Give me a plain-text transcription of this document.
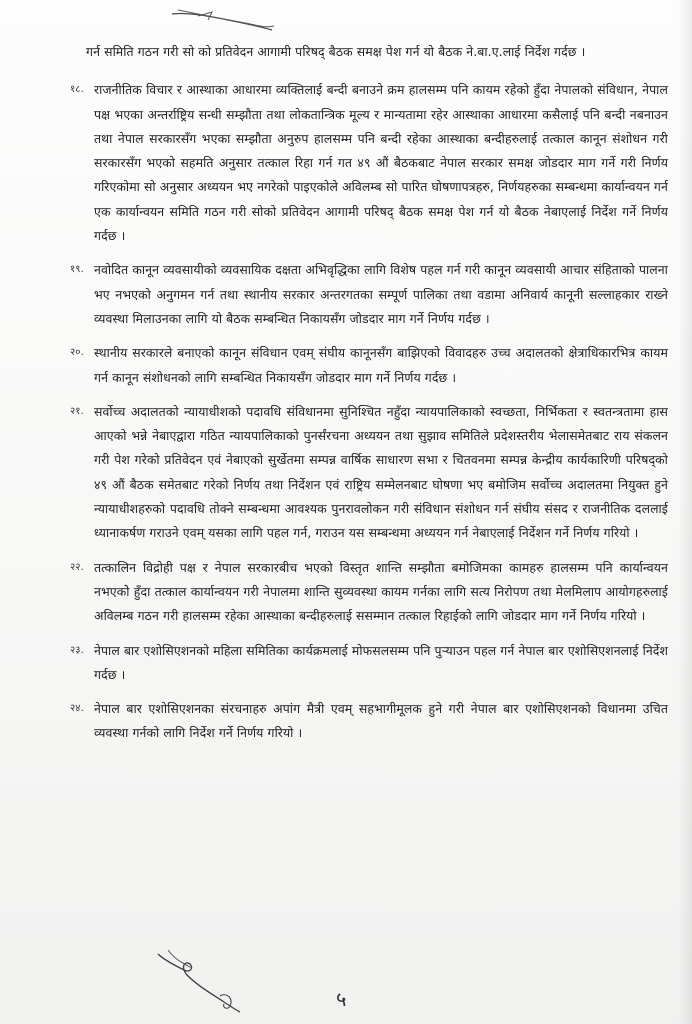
गर्न समिति गठन गरी सो को प्रतिवेदन आगामी परिषद् बैठक समक्ष पेश गर्न यो बैठक ने.बा.ए.लाई निर्देश गर्दछ ।

१८. राजनीतिक विचार र आस्थाका आधारमा व्यक्तिलाई बन्दी बनाउने क्रम हालसम्म पनि कायम रहेको हुँदा नेपालको संविधान, नेपाल पक्ष भएका अन्तर्राष्ट्रिय सन्धी सम्झौता तथा लोकतान्त्रिक मूल्य र मान्यतामा रहेर आस्थाका आधारमा कसैलाई पनि बन्दी नबनाउन तथा नेपाल सरकारसँग भएका सम्झौता अनुरुप हालसम्म पनि बन्दी रहेका आस्थाका बन्दीहरुलाई तत्काल कानून संशोधन गरी सरकारसँग भएको सहमति अनुसार तत्काल रिहा गर्न गत ४९ औं बैठकबाट नेपाल सरकार समक्ष जोडदार माग गर्ने गरी निर्णय गरिएकोमा सो अनुसार अध्ययन भए नगरेको पाइएकोले अविलम्ब सो पारित घोषणापत्रहरु, निर्णयहरुका सम्बन्धमा कार्यान्वयन गर्न एक कार्यान्वयन समिति गठन गरी सोको प्रतिवेदन आगामी परिषद् बैठक समक्ष पेश गर्न यो बैठक नेबाएलाई निर्देश गर्ने निर्णय गर्दछ ।
१९. नवोदित कानून व्यवसायीको व्यवसायिक दक्षता अभिवृद्धिका लागि विशेष पहल गर्न गरी कानून व्यवसायी आचार संहिताको पालना भए नभएको अनुगमन गर्न तथा स्थानीय सरकार अन्तरगतका सम्पूर्ण पालिका तथा वडामा अनिवार्य कानूनी सल्लाहकार राख्ने व्यवस्था मिलाउनका लागि यो बैठक सम्बन्धित निकायसँग जोडदार माग गर्ने निर्णय गर्दछ ।
२०. स्थानीय सरकारले बनाएको कानून संविधान एवम् संघीय कानूनसँग बाझिएको विवादहरु उच्च अदालतको क्षेत्राधिकारभित्र कायम गर्न कानून संशोधनको लागि सम्बन्धित निकायसँग जोडदार माग गर्ने निर्णय गर्दछ ।
२१. सर्वोच्च अदालतको न्यायाधीशको पदावधि संविधानमा सुनिश्चित नहुँदा न्यायपालिकाको स्वच्छता, निर्भिकता र स्वतन्त्रतामा हास आएको भन्ने नेबाएद्वारा गठित न्यायपालिकाको पुनर्संरचना अध्ययन तथा सुझाव समितिले प्रदेशस्तरीय भेलासमेतबाट राय संकलन गरी पेश गरेको प्रतिवेदन एवं नेबाएको सुर्खेतमा सम्पन्न वार्षिक साधारण सभा र चितवनमा सम्पन्न केन्द्रीय कार्यकारिणी परिषद्को ४९ औं बैठक समेतबाट गरेको निर्णय तथा निर्देशन एवं राष्ट्रिय सम्मेलनबाट घोषणा भए बमोजिम सर्वोच्च अदालतमा नियुक्त हुने न्यायाधीशहरुको पदावधि तोक्ने सम्बन्धमा आवश्यक पुनरावलोकन गरी संविधान संशोधन गर्न संघीय संसद र राजनीतिक दललाई ध्यानाकर्षण गराउने एवम् यसका लागि पहल गर्न, गराउन यस सम्बन्धमा अध्ययन गर्न नेबाएलाई निर्देशन गर्ने निर्णय गरियो ।
२२. तत्कालिन विद्रोही पक्ष र नेपाल सरकारबीच भएको विस्तृत शान्ति सम्झौता बमोजिमका कामहरु हालसम्म पनि कार्यान्वयन नभएकोे हुँदा तत्काल कार्यान्वयन गरी नेपालमा शान्ति सुव्यवस्था कायम गर्नका लागि सत्य निरोपण तथा मेलमिलाप आयोगहरुलाई अविलम्ब गठन गरी हालसम्म रहेका आस्थाका बन्दीहरुलाई ससम्मान तत्काल रिहाईको लागि जोडदार माग गर्ने निर्णय गरियो ।
२३. नेपाल बार एशोसिएशनको महिला समितिका कार्यक्रमलाई मोफसलसम्म पनि पुर्‍याउन पहल गर्न नेपाल बार एशोसिएशनलाई निर्देश गर्दछ ।
२४. नेपाल बार एशोसिएशनका संरचनाहरु अपांग मैत्री एवम् सहभागीमूलक हुने गरी नेपाल बार एशोसिएशनको विधानमा उचित व्यवस्था गर्नको लागि निर्देश गर्ने निर्णय गरियो ।
५
